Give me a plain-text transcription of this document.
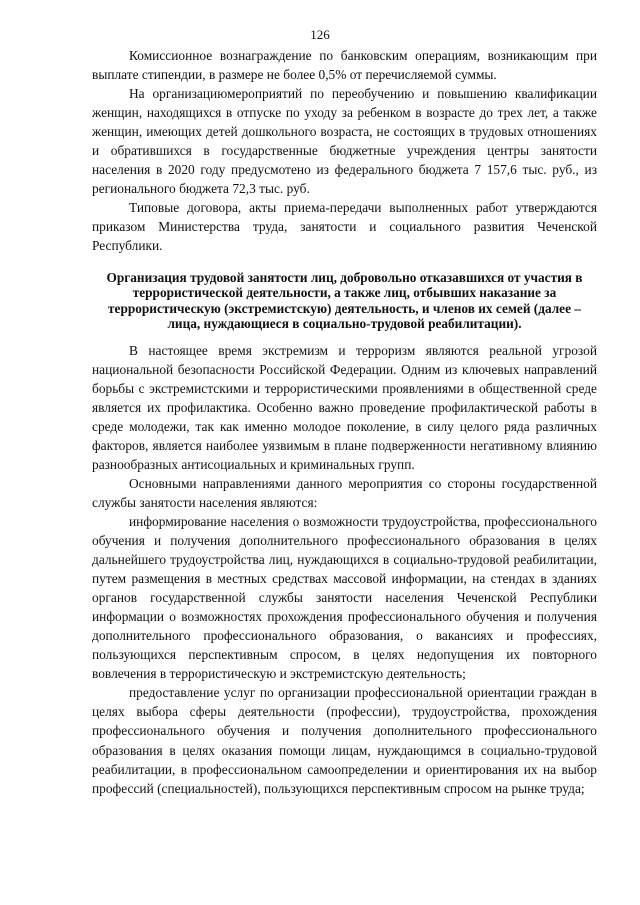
126

Комиссионное вознаграждение по банковским операциям, возникающим при выплате стипендии, в размере не более 0,5% от перечисляемой суммы.

На организациюмероприятий по переобучению и повышению квалификации женщин, находящихся в отпуске по уходу за ребенком в возрасте до трех лет, а также женщин, имеющих детей дошкольного возраста, не состоящих в трудовых отношениях и обратившихся в государственные бюджетные учреждения центры занятости населения в 2020 году предусмотено из федерального бюджета 7 157,6 тыс. руб., из регионального бюджета 72,3 тыс. руб.

Типовые договора, акты приема-передачи выполненных работ утверждаются приказом Министерства труда, занятости и социального развития Чеченской Республики.

Организация трудовой занятости лиц, добровольно отказавшихся от участия в террористической деятельности, а также лиц, отбывших наказание за террористическую (экстремистскую) деятельность, и членов их семей (далее – лица, нуждающиеся в социально-трудовой реабилитации).

В настоящее время экстремизм и терроризм являются реальной угрозой национальной безопасности Российской Федерации. Одним из ключевых направлений борьбы с экстремистскими и террористическими проявлениями в общественной среде является их профилактика. Особенно важно проведение профилактической работы в среде молодежи, так как именно молодое поколение, в силу целого ряда различных факторов, является наиболее уязвимым в плане подверженности негативному влиянию разнообразных антисоциальных и криминальных групп.

Основными направлениями данного мероприятия со стороны государственной службы занятости населения являются:

информирование населения о возможности трудоустройства, профессионального обучения и получения дополнительного профессионального образования в целях дальнейшего трудоустройства лиц, нуждающихся в социально-трудовой реабилитации, путем размещения в местных средствах массовой информации, на стендах в зданиях органов государственной службы занятости населения Чеченской Республики информации о возможностях прохождения профессионального обучения и получения дополнительного профессионального образования, о вакансиях и профессиях, пользующихся перспективным спросом, в целях недопущения их повторного вовлечения в террористическую и экстремистскую деятельность;

предоставление услуг по организации профессиональной ориентации граждан в целях выбора сферы деятельности (профессии), трудоустройства, прохождения профессионального обучения и получения дополнительного профессионального образования в целях оказания помощи лицам, нуждающимся в социально-трудовой реабилитации, в профессиональном самоопределении и ориентирования их на выбор профессий (специальностей), пользующихся перспективным спросом на рынке труда;
